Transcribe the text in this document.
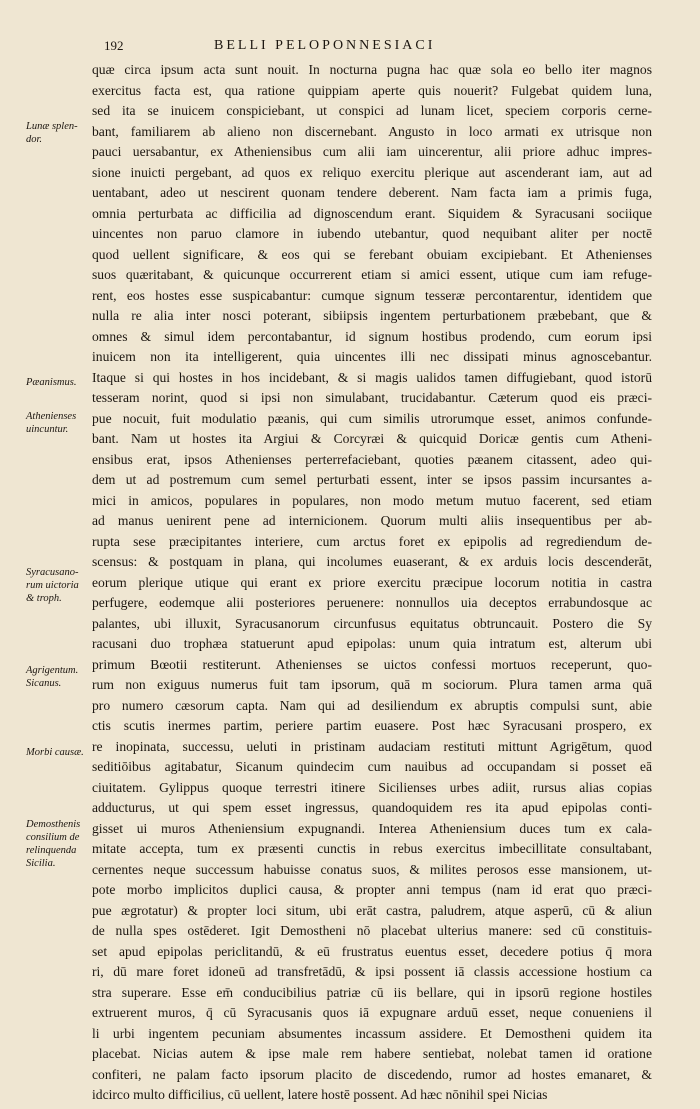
192	BELLI PELOPONNESIACI
Lunæ splen-
dor.
Pæanismus.
Athenienses
uincuntur.
Syracusano-
rum uictoria
& troph.
Agrigentum.
Sicanus.
Morbi causæ.
Demosthenis
consilium de
relinquenda
Sicilia.
quæ circa ipsum acta sunt nouit. In nocturna pugna hac quæ sola eo bello iter magnos
exercitus facta est, qua ratione quippiam aperte quis nouerit? Fulgebat quidem luna,
sed ita se inuicem conspiciebant, ut conspici ad lunam licet, speciem corporis cerne-
bant, familiarem ab alieno non discernebant. Angusto in loco armati ex utrisque non
pauci uersabantur, ex Atheniensibus cum alii iam uincerentur, alii priore adhuc impres-
sione inuicti pergebant, ad quos ex reliquo exercitu plerique aut ascenderant iam, aut ad
uentabant, adeo ut nescirent quonam tendere deberent. Nam facta iam a primis fuga,
omnia perturbata ac difficilia ad dignoscendum erant. Siquidem & Syracusani sociique
uincentes non paruo clamore in iubendo utebantur, quod nequibant aliter per noctē
quod uellent significare, & eos qui se ferebant obuiam excipiebant. Et Athenienses
suos quæritabant, & quicunque occurrerent etiam si amici essent, utique cum iam refuge-
rent, eos hostes esse suspicabantur: cumque signum tesseræ percontarentur, identidem que
nulla re alia inter nosci poterant, sibiipsis ingentem perturbationem præbebant, que &
omnes & simul idem percontabantur, id signum hostibus prodendo, cum eorum ipsi
inuicem non ita intelligerent, quia uincentes illi nec dissipati minus agnoscebantur.
Itaque si qui hostes in hos incidebant, & si magis ualidos tamen diffugiebant, quod istorū
tesseram norint, quod si ipsi non simulabant, trucidabantur. Cæterum quod eis præci-
pue nocuit, fuit modulatio pæanis, qui cum similis utrorumque esset, animos confunde-
bant. Nam ut hostes ita Argiui & Corcyræi & quicquid Doricæ gentis cum Atheni-
ensibus erat, ipsos Athenienses perterrefaciebant, quoties pæanem citassent, adeo qui-
dem ut ad postremum cum semel perturbati essent, inter se ipsos passim incursantes a-
mici in amicos, populares in populares, non modo metum mutuo facerent, sed etiam
ad manus uenirent pene ad internicionem. Quorum multi aliis insequentibus per ab-
rupta sese præcipitantes interiere, cum arctus foret ex epipolis ad regrediendum de-
scensus: & postquam in plana, qui incolumes euaserant, & ex arduis locis descenderāt,
eorum plerique utique qui erant ex priore exercitu præcipue locorum notitia in castra
perfugere, eodemque alii posteriores peruenere: nonnullos uia deceptos errabundosque ac
palantes, ubi illuxit, Syracusanorum circunfusus equitatus obtruncauit. Postero die Sy
racusani duo trophæa statuerunt apud epipolas: unum quia intratum est, alterum ubi
primum Bœotii restiterunt. Athenienses se uictos confessi mortuos receperunt, quo-
rum non exiguus numerus fuit tam ipsorum, quā m sociorum. Plura tamen arma quā
pro numero cæsorum capta. Nam qui ad desiliendum ex abruptis compulsi sunt, abie
ctis scutis inermes partim, periere partim euasere. Post hæc Syracusani prospero, ex
re inopinata, successu, ueluti in pristinam audaciam restituti mittunt Agrigētum, quod
seditiōibus agitabatur, Sicanum quindecim cum nauibus ad occupandam si posset eā
ciuitatem. Gylippus quoque terrestri itinere Sicilienses urbes adiit, rursus alias copias
adducturus, ut qui spem esset ingressus, quandoquidem res ita apud epipolas conti-
gisset ui muros Atheniensium expugnandi. Interea Atheniensium duces tum ex cala-
mitate accepta, tum ex præsenti cunctis in rebus exercitus imbecillitate consultabant,
cernentes neque successum habuisse conatus suos, & milites perosos esse mansionem, ut-
pote morbo implicitos duplici causa, & propter anni tempus (nam id erat quo præci-
pue ægrotatur) & propter loci situm, ubi erāt castra, paludrem, atque asperū, cū & aliun
de nulla spes ostēderet. Igit Demostheni nō placebat ulterius manere: sed cū constituis-
set apud epipolas periclitandū, & eū frustratus euentus esset, decedere potius q̄ mora
ri, dū mare foret idoneū ad transfretādū, & ipsi possent iā classis accessione hostium ca
stra superare. Esse em̄ conducibilius patriæ cū iis bellare, qui in ipsorū regione hostiles
extruerent muros, q̄ cū Syracusanis quos iā expugnare arduū esset, neque conueniens il
li urbi ingentem pecuniam absumentes incassum assidere. Et Demostheni quidem ita
placebat. Nicias autem & ipse male rem habere sentiebat, nolebat tamen id oratione
confiteri, ne palam facto ipsorum placito de discedendo, rumor ad hostes emanaret, &
idcirco multo difficilius, cū uellent, latere hostē possent. Ad hæc nōnihil spei Nicias
